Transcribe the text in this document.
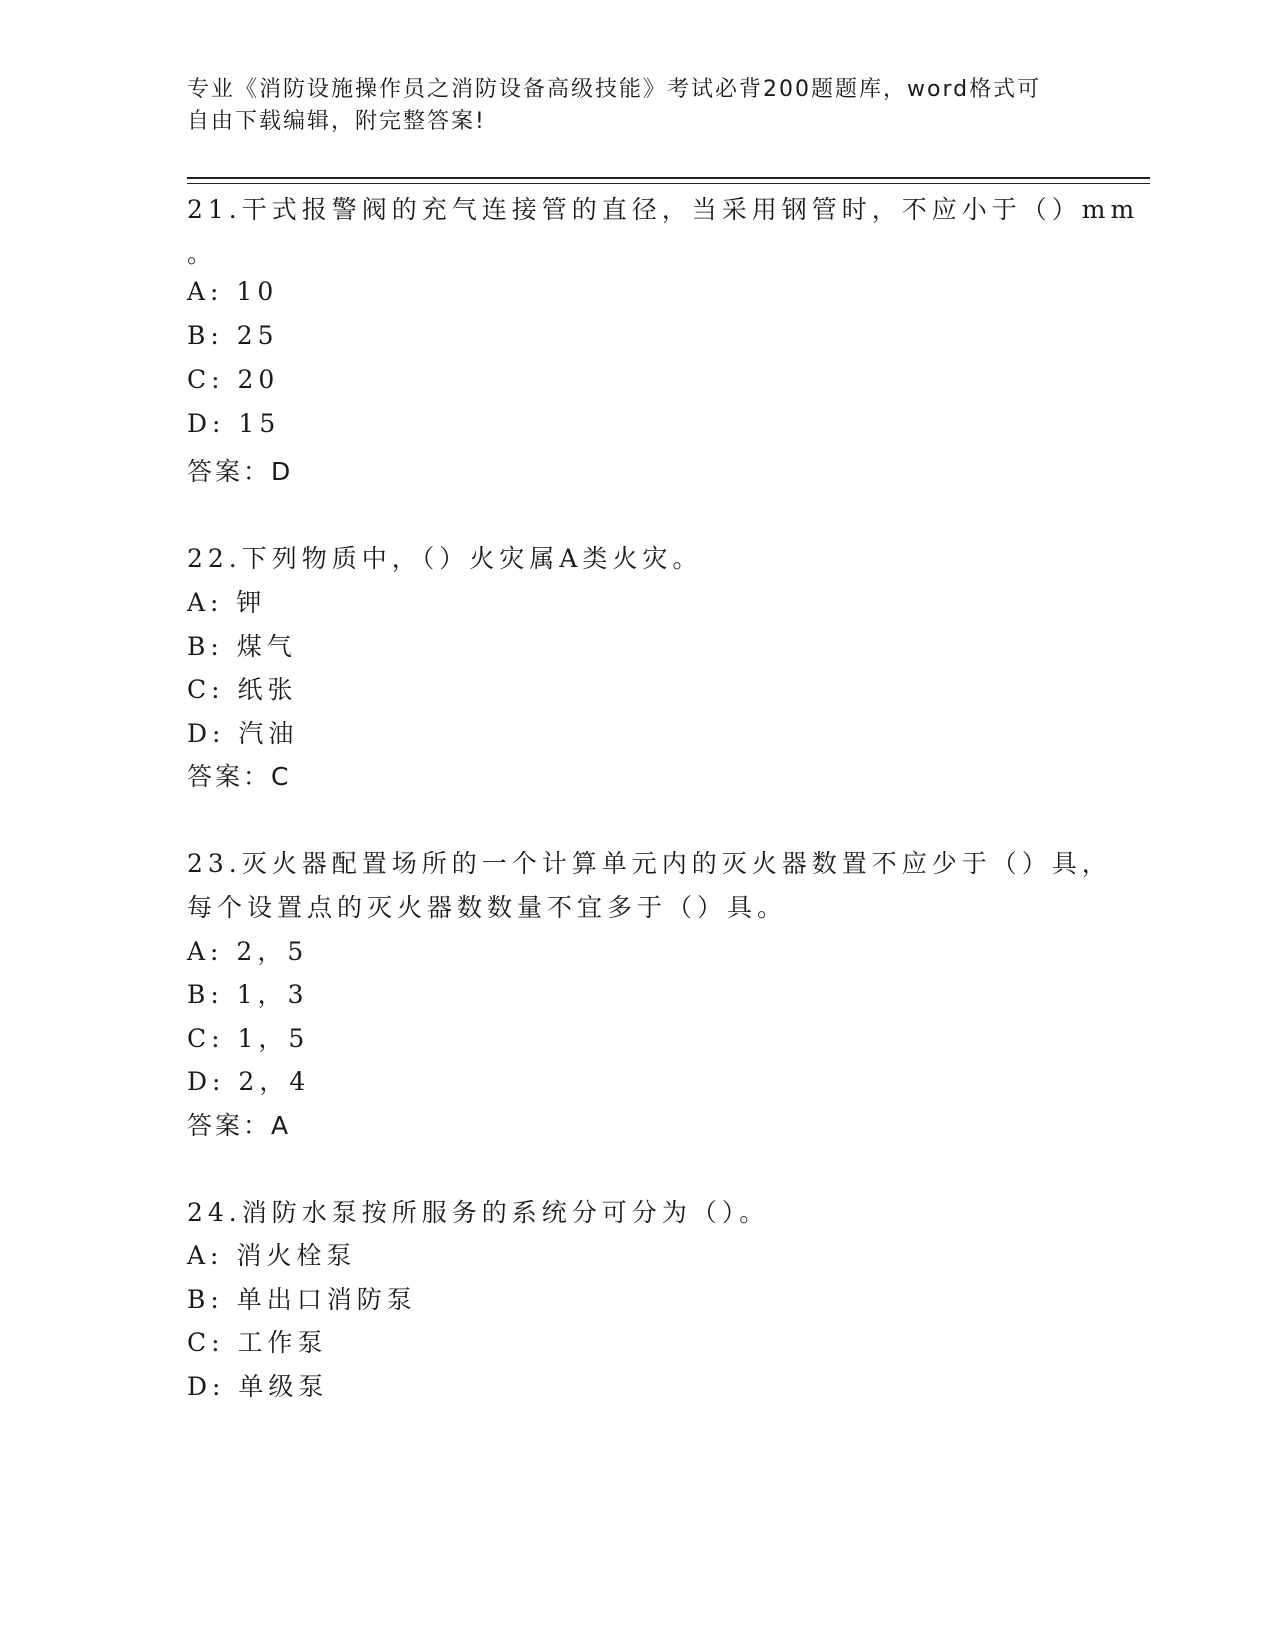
专业《消防设施操作员之消防设备高级技能》考试必背200题题库，word格式可
自由下载编辑，附完整答案!
21.干式报警阀的充气连接管的直径，当采用钢管时，不应小于（）mm
。
A: 10
B: 25
C: 20
D: 15
答案：D
22.下列物质中，（）火灾属A类火灾。
A: 钾
B: 煤气
C: 纸张
D: 汽油
答案：C
23.灭火器配置场所的一个计算单元内的灭火器数置不应少于（）具，
每个设置点的灭火器数数量不宜多于（）具。
A: 2，5
B: 1，3
C: 1，5
D: 2，4
答案：A
24.消防水泵按所服务的系统分可分为（）。
A: 消火栓泵
B: 单出口消防泵
C: 工作泵
D: 单级泵
